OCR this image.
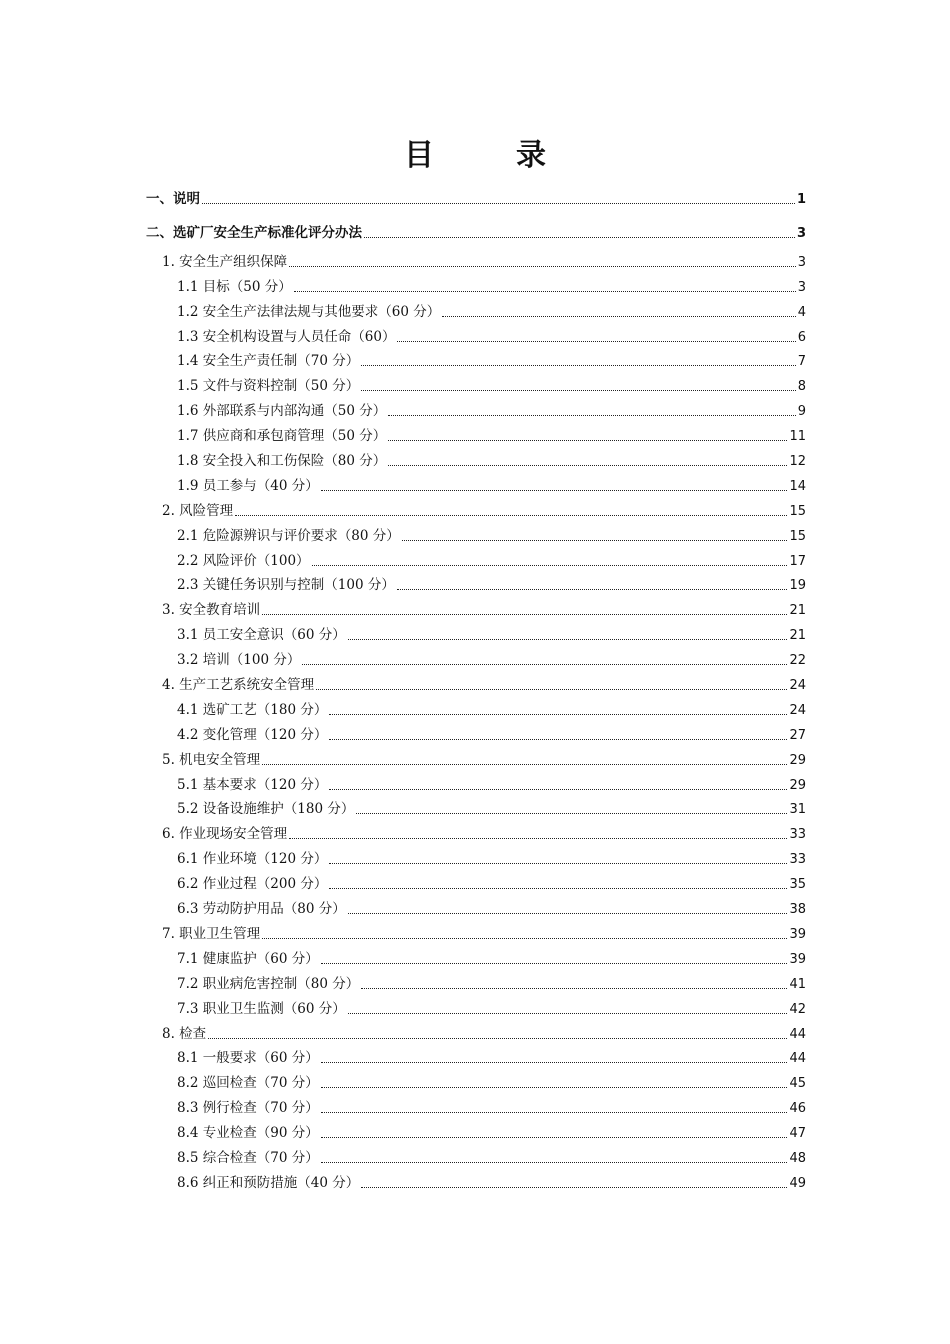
目　录
一、说明	1
二、选矿厂安全生产标准化评分办法	3
1. 安全生产组织保障	3
1.1 目标（50 分）	3
1.2 安全生产法律法规与其他要求（60 分）	4
1.3 安全机构设置与人员任命（60）	6
1.4 安全生产责任制（70 分）	7
1.5 文件与资料控制（50 分）	8
1.6 外部联系与内部沟通（50 分）	9
1.7 供应商和承包商管理（50 分）	11
1.8 安全投入和工伤保险（80 分）	12
1.9 员工参与（40 分）	14
2. 风险管理	15
2.1 危险源辨识与评价要求（80 分）	15
2.2 风险评价（100）	17
2.3 关键任务识别与控制（100 分）	19
3. 安全教育培训	21
3.1 员工安全意识（60 分）	21
3.2 培训（100 分）	22
4. 生产工艺系统安全管理	24
4.1 选矿工艺（180 分）	24
4.2 变化管理（120 分）	27
5. 机电安全管理	29
5.1 基本要求（120 分）	29
5.2 设备设施维护（180 分）	31
6. 作业现场安全管理	33
6.1 作业环境（120 分）	33
6.2 作业过程（200 分）	35
6.3 劳动防护用品（80 分）	38
7. 职业卫生管理	39
7.1 健康监护（60 分）	39
7.2 职业病危害控制（80 分）	41
7.3 职业卫生监测（60 分）	42
8. 检查	44
8.1 一般要求（60 分）	44
8.2 巡回检查（70 分）	45
8.3 例行检查（70 分）	46
8.4 专业检查（90 分）	47
8.5 综合检查（70 分）	48
8.6 纠正和预防措施（40 分）	49
